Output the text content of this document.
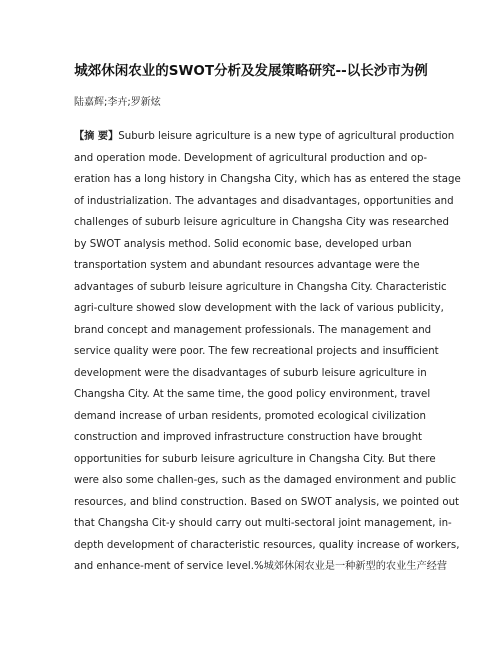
城郊休闲农业的SWOT分析及发展策略研究--以长沙市为例
陆嘉辉;李卉;罗新炫
【摘 要】Suburb leisure agriculture is a new type of agricultural production
and operation mode. Development of agricultural production and op-
eration has a long history in Changsha City, which has as entered the stage
of industrialization. The advantages and disadvantages, opportunities and
challenges of suburb leisure agriculture in Changsha City was researched
by SWOT analysis method. Solid economic base, developed urban
transportation system and abundant resources advantage were the
advantages of suburb leisure agriculture in Changsha City. Characteristic
agri-culture showed slow development with the lack of various publicity,
brand concept and management professionals. The management and
service quality were poor. The few recreational projects and insufficient
development were the disadvantages of suburb leisure agriculture in
Changsha City. At the same time, the good policy environment, travel
demand increase of urban residents, promoted ecological civilization
construction and improved infrastructure construction have brought
opportunities for suburb leisure agriculture in Changsha City. But there
were also some challen-ges, such as the damaged environment and public
resources, and blind construction. Based on SWOT analysis, we pointed out
that Changsha Cit-y should carry out multi-sectoral joint management, in-
depth development of characteristic resources, quality increase of workers,
and enhance-ment of service level.%城郊休闲农业是一种新型的农业生产经营
